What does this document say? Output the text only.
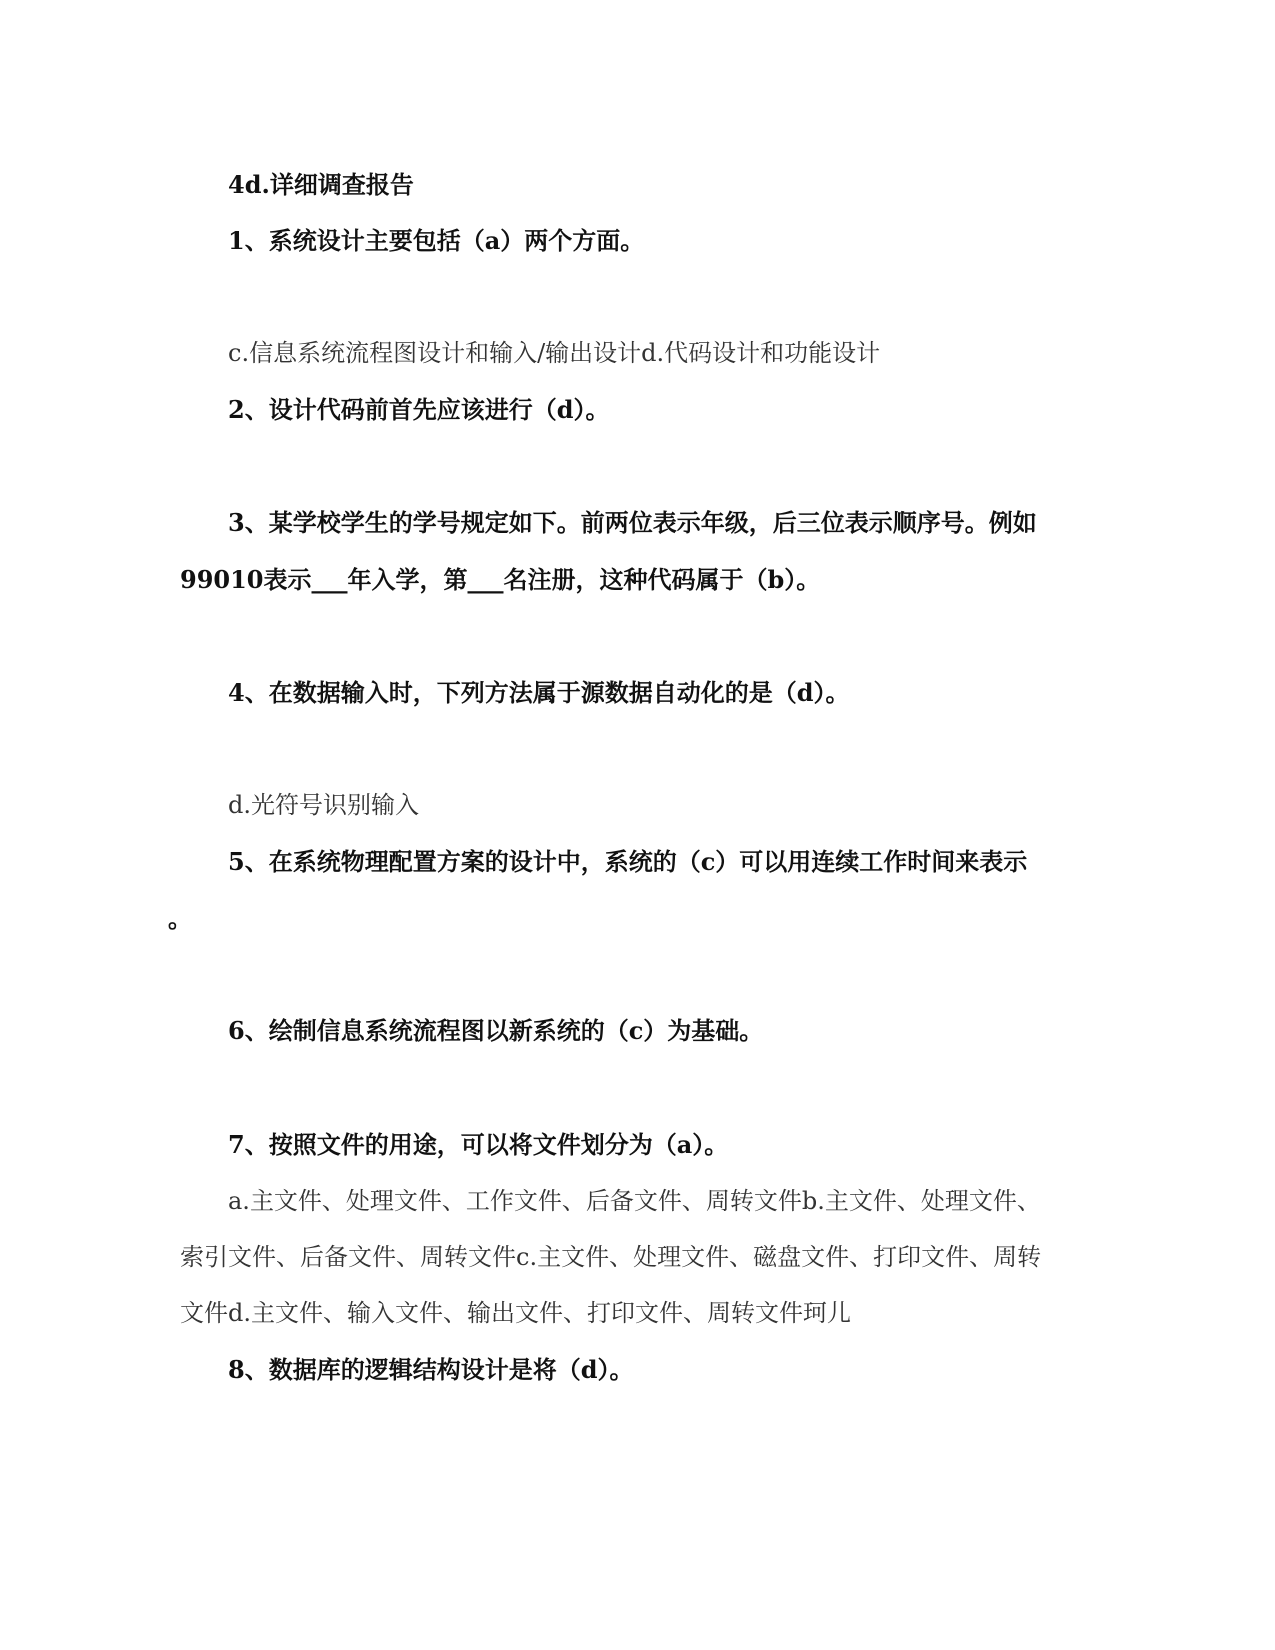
4d.详细调查报告
1、系统设计主要包括（a）两个方面。
c.信息系统流程图设计和输入/输出设计d.代码设计和功能设计
2、设计代码前首先应该进行（d）。
3、某学校学生的学号规定如下。前两位表示年级，后三位表示顺序号。例如
99010表示___年入学，第___名注册，这种代码属于（b）。
4、在数据输入时，下列方法属于源数据自动化的是（d）。
d.光符号识别输入
5、在系统物理配置方案的设计中，系统的（c）可以用连续工作时间来表示
。
6、绘制信息系统流程图以新系统的（c）为基础。
7、按照文件的用途，可以将文件划分为（a）。
a.主文件、处理文件、工作文件、后备文件、周转文件b.主文件、处理文件、
索引文件、后备文件、周转文件c.主文件、处理文件、磁盘文件、打印文件、周转
文件d.主文件、输入文件、输出文件、打印文件、周转文件珂儿
8、数据库的逻辑结构设计是将（d）。
